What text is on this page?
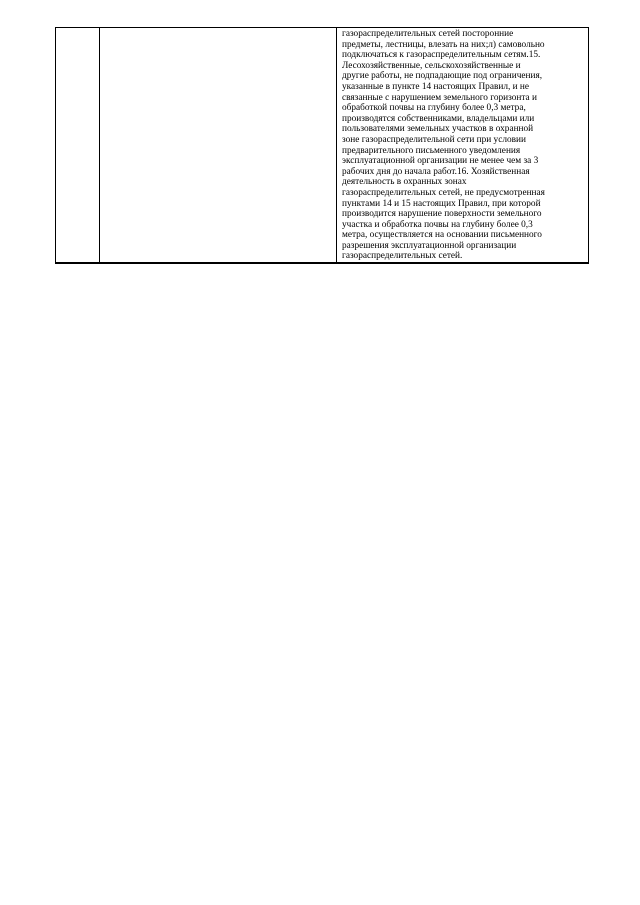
газораспределительных сетей посторонние
предметы, лестницы, влезать на них;л) самовольно
подключаться к газораспределительным сетям.15.
Лесохозяйственные, сельскохозяйственные и
другие работы, не подпадающие под ограничения,
указанные в пункте 14 настоящих Правил, и не
связанные с нарушением земельного горизонта и
обработкой почвы на глубину более 0,3 метра,
производятся собственниками, владельцами или
пользователями земельных участков в охранной
зоне газораспределительной сети при условии
предварительного письменного уведомления
эксплуатационной организации не менее чем за 3
рабочих дня до начала работ.16. Хозяйственная
деятельность в охранных зонах
газораспределительных сетей, не предусмотренная
пунктами 14 и 15 настоящих Правил, при которой
производится нарушение поверхности земельного
участка и обработка почвы на глубину более 0,3
метра, осуществляется на основании письменного
разрешения эксплуатационной организации
газораспределительных сетей.
